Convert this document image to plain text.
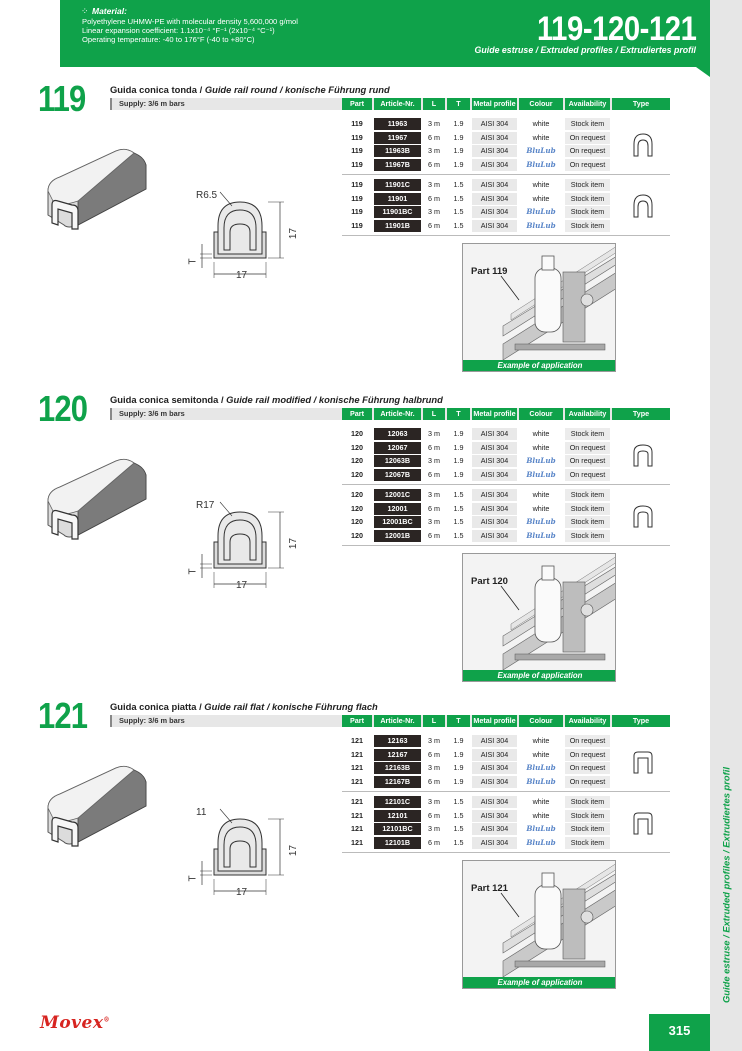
⁘ Material:
Polyethylene UHMW-PE with molecular density 5,600,000 g/mol
Linear expansion coefficient: 1.1x10⁻⁴ °F⁻¹ (2x10⁻⁴ °C⁻¹)
Operating temperature: -40 to 176°F (-40 to +80°C)	119-120-121
Guide estruse / Extruded profiles / Extrudiertes profil
Guide estruse / Extruded profiles / Extrudiertes profil
119	Guida conica tonda / Guide rail round / konische Führung rund
Supply: 3/6 m bars	Part	Article-Nr.	L	T	Metal profile	Colour	Availability	Type
119	11963	3 m	1.9	AISI 304	white	Stock item
119	11967	6 m	1.9	AISI 304	white	On request
119	11963B	3 m	1.9	AISI 304	BluLub	On request
119	11967B	6 m	1.9	AISI 304	BluLub	On request
119	11901C	3 m	1.5	AISI 304	white	Stock item
119	11901	6 m	1.5	AISI 304	white	Stock item
119	11901BC	3 m	1.5	AISI 304	BluLub	Stock item
119	11901B	6 m	1.5	AISI 304	BluLub	Stock item
R6.5
17
17
T
Part 119
Example of application
120 Guida conica semitonda / Guide rail modified / konische Führung halbrund
Supply: 3/6 m bars	Part	Article-Nr.	L	T	Metal profile	Colour	Availability	Type
120	12063	3 m	1.9	AISI 304	white	Stock item
120	12067	6 m	1.9	AISI 304	white	On request
120	12063B	3 m	1.9	AISI 304	BluLub	On request
120	12067B	6 m	1.9	AISI 304	BluLub	On request
120	12001C	3 m	1.5	AISI 304	white	Stock item
120	12001	6 m	1.5	AISI 304	white	Stock item
120	12001BC	3 m	1.5	AISI 304	BluLub	Stock item
120	12001B	6 m	1.5	AISI 304	BluLub	Stock item
R17
17
17
T
Part 120
Example of application
121 Guida conica piatta / Guide rail flat / konische Führung flach
Supply: 3/6 m bars	Part	Article-Nr.	L	T	Metal profile	Colour	Availability	Type
121	12163	3 m	1.9	AISI 304	white	On request
121	12167	6 m	1.9	AISI 304	white	On request
121	12163B	3 m	1.9	AISI 304	BluLub	On request
121	12167B	6 m	1.9	AISI 304	BluLub	On request
121	12101C	3 m	1.5	AISI 304	white	Stock item
121	12101	6 m	1.5	AISI 304	white	Stock item
121	12101BC	3 m	1.5	AISI 304	BluLub	Stock item
121	12101B	6 m	1.5	AISI 304	BluLub	Stock item
11
17
17
T
Part 121
Example of application
Movex®
315
